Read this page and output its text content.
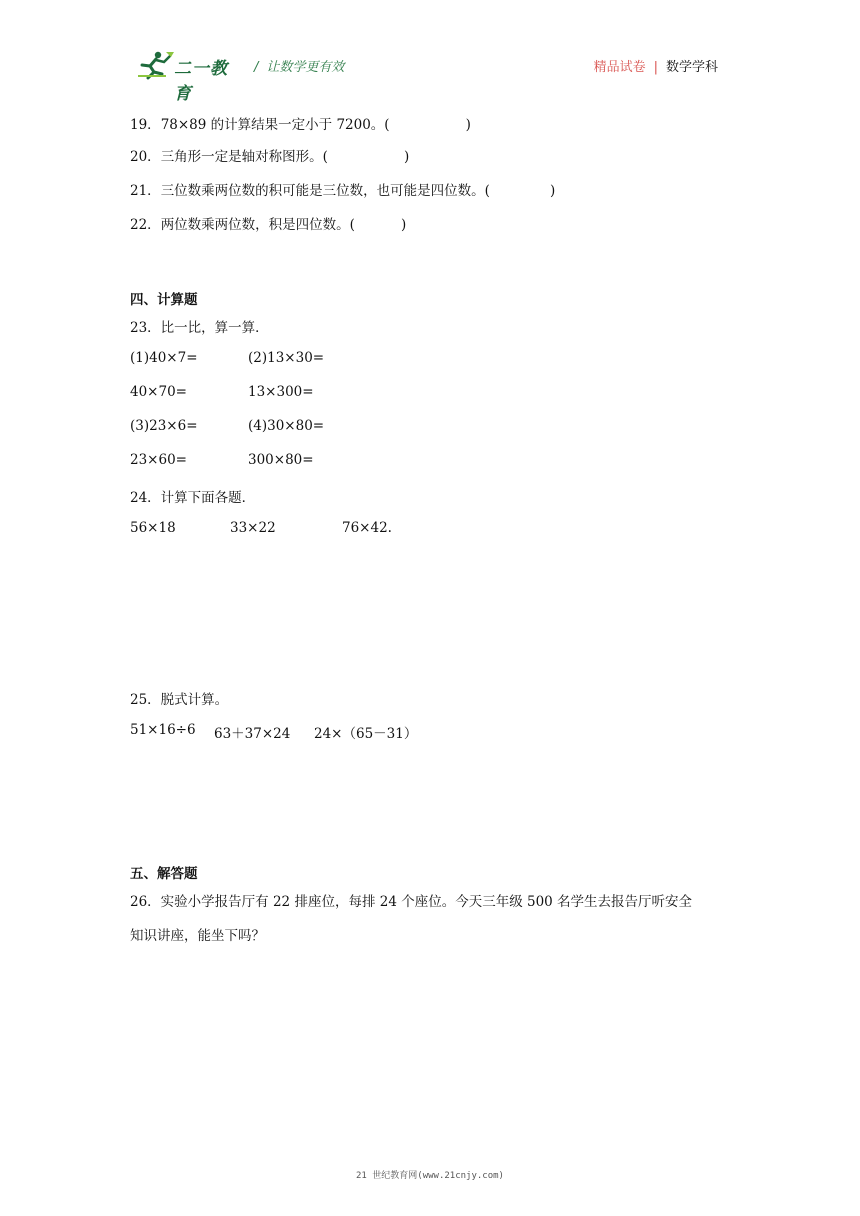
二一教育
/ 让数学更有效	精品试卷 | 数学学科
19．78×89 的计算结果一定小于 7200。(	)
20．三角形一定是轴对称图形。(	)
21．三位数乘两位数的积可能是三位数，也可能是四位数。(	)
22．两位数乘两位数，积是四位数。(	)
四、计算题
23．比一比，算一算．
(1)40×7=	(2)13×30=
40×70=	13×300=
(3)23×6=	(4)30×80=
23×60=	300×80=
24．计算下面各题．
56×18	33×22	76×42.
25．脱式计算。
51×16÷6 63＋37×24 24×（65－31）
五、解答题
26．实验小学报告厅有 22 排座位，每排 24 个座位。今天三年级 500 名学生去报告厅听安全
知识讲座，能坐下吗？
21 世纪教育网(www.21cnjy.com)
